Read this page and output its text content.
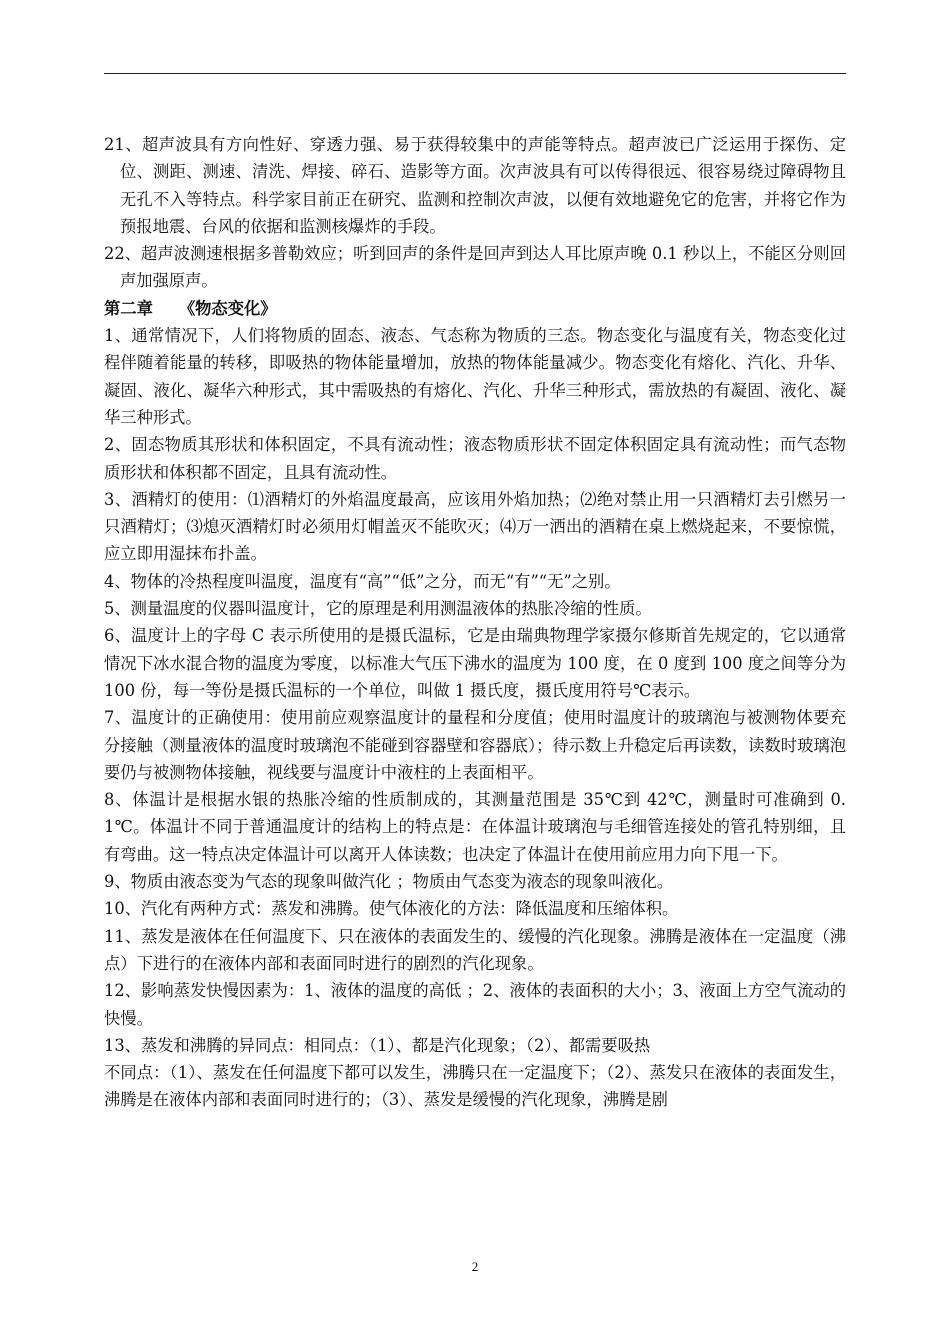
21、超声波具有方向性好、穿透力强、易于获得较集中的声能等特点。超声波已广泛运用于探伤、定位、测距、测速、清洗、焊接、碎石、造影等方面。次声波具有可以传得很远、很容易绕过障碍物且无孔不入等特点。科学家目前正在研究、监测和控制次声波，以便有效地避免它的危害，并将它作为预报地震、台风的依据和监测核爆炸的手段。

22、超声波测速根据多普勒效应；听到回声的条件是回声到达人耳比原声晚 0.1 秒以上，不能区分则回声加强原声。

第二章 《物态变化》

1、通常情况下，人们将物质的固态、液态、气态称为物质的三态。物态变化与温度有关，物态变化过程伴随着能量的转移，即吸热的物体能量增加，放热的物体能量减少。物态变化有熔化、汽化、升华、凝固、液化、凝华六种形式，其中需吸热的有熔化、汽化、升华三种形式，需放热的有凝固、液化、凝华三种形式。

2、固态物质其形状和体积固定，不具有流动性；液态物质形状不固定体积固定具有流动性；而气态物质形状和体积都不固定，且具有流动性。

3、酒精灯的使用：⑴酒精灯的外焰温度最高，应该用外焰加热；⑵绝对禁止用一只酒精灯去引燃另一只酒精灯；⑶熄灭酒精灯时必须用灯帽盖灭不能吹灭；⑷万一洒出的酒精在桌上燃烧起来，不要惊慌，应立即用湿抹布扑盖。

4、物体的冷热程度叫温度，温度有“高”“低”之分，而无“有”“无”之别。

5、测量温度的仪器叫温度计，它的原理是利用测温液体的热胀冷缩的性质。

6、温度计上的字母 C 表示所使用的是摄氏温标，它是由瑞典物理学家摄尔修斯首先规定的，它以通常情况下冰水混合物的温度为零度，以标准大气压下沸水的温度为 100 度，在 0 度到 100 度之间等分为 100 份，每一等份是摄氏温标的一个单位，叫做 1 摄氏度，摄氏度用符号℃表示。

7、温度计的正确使用：使用前应观察温度计的量程和分度值；使用时温度计的玻璃泡与被测物体要充分接触（测量液体的温度时玻璃泡不能碰到容器壁和容器底）；待示数上升稳定后再读数，读数时玻璃泡要仍与被测物体接触，视线要与温度计中液柱的上表面相平。

8、体温计是根据水银的热胀冷缩的性质制成的，其测量范围是 35℃到 42℃，测量时可准确到 0.1℃。体温计不同于普通温度计的结构上的特点是：在体温计玻璃泡与毛细管连接处的管孔特别细，且有弯曲。这一特点决定体温计可以离开人体读数；也决定了体温计在使用前应用力向下甩一下。

9、物质由液态变为气态的现象叫做汽化 ；物质由气态变为液态的现象叫液化。

10、汽化有两种方式：蒸发和沸腾。使气体液化的方法：降低温度和压缩体积。

11、蒸发是液体在任何温度下、只在液体的表面发生的、缓慢的汽化现象。沸腾是液体在一定温度（沸点）下进行的在液体内部和表面同时进行的剧烈的汽化现象。

12、影响蒸发快慢因素为：1、液体的温度的高低 ；2、液体的表面积的大小；3、液面上方空气流动的快慢。

13、蒸发和沸腾的异同点：相同点：（1）、都是汽化现象；（2）、都需要吸热

不同点：（1）、蒸发在任何温度下都可以发生，沸腾只在一定温度下；（2）、蒸发只在液体的表面发生，沸腾是在液体内部和表面同时进行的；（3）、蒸发是缓慢的汽化现象，沸腾是剧

2
